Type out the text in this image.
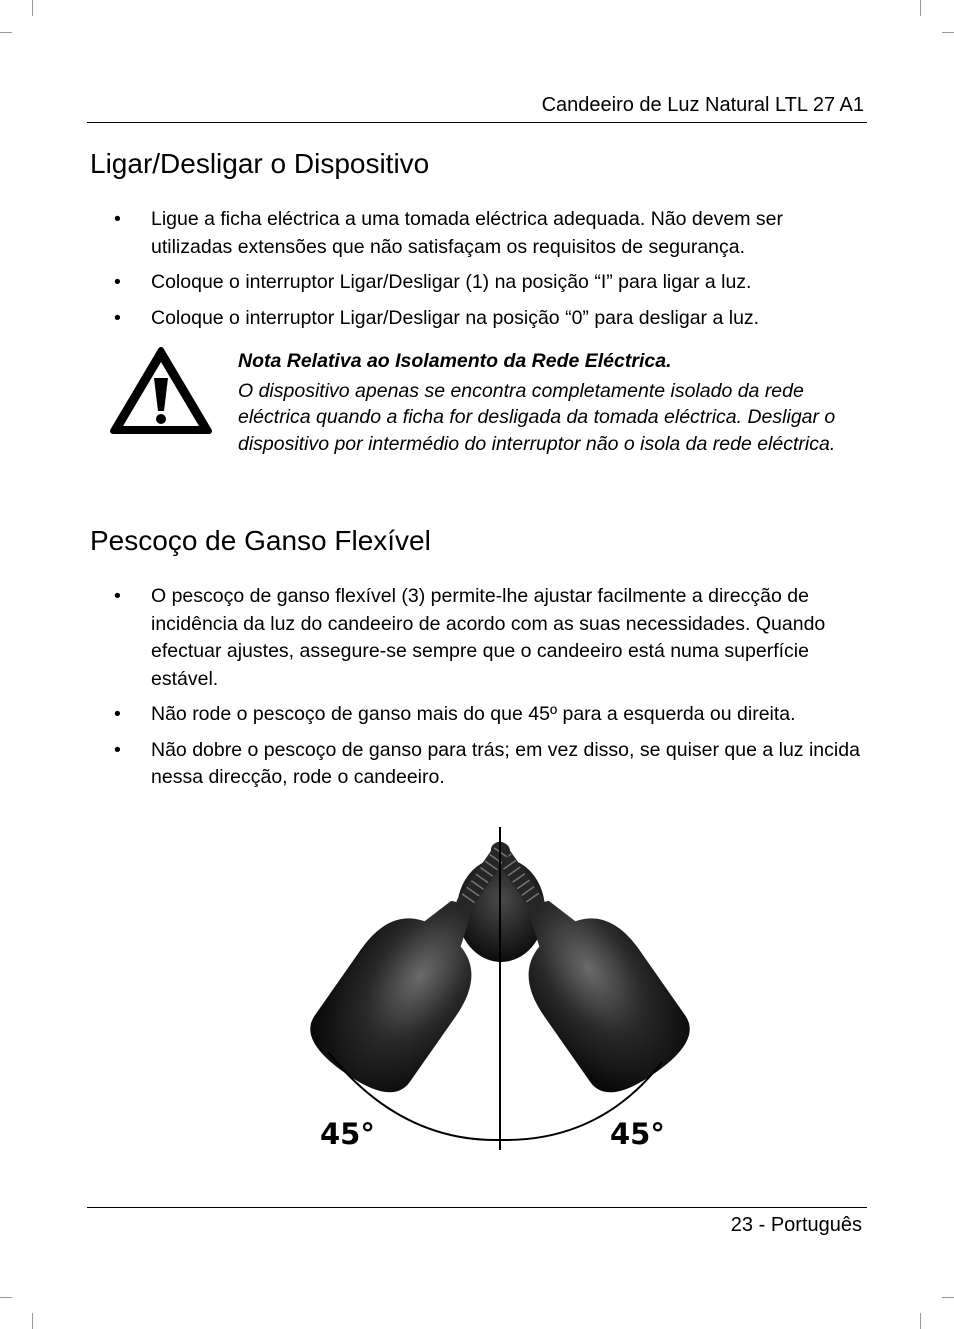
Candeeiro de Luz Natural LTL 27 A1
Ligar/Desligar o Dispositivo
• Ligue a ficha eléctrica a uma tomada eléctrica adequada. Não devem ser utilizadas extensões que não satisfaçam os requisitos de segurança.
• Coloque o interruptor Ligar/Desligar (1) na posição “I” para ligar a luz.
• Coloque o interruptor Ligar/Desligar na posição “0” para desligar a luz.
Nota Relativa ao Isolamento da Rede Eléctrica.
O dispositivo apenas se encontra completamente isolado da rede eléctrica quando a ficha for desligada da tomada eléctrica. Desligar o dispositivo por intermédio do interruptor não o isola da rede eléctrica.
Pescoço de Ganso Flexível
• O pescoço de ganso flexível (3) permite-lhe ajustar facilmente a direcção de incidência da luz do candeeiro de acordo com as suas necessidades. Quando efectuar ajustes, assegure-se sempre que o candeeiro está numa superfície estável.
• Não rode o pescoço de ganso mais do que 45º para a esquerda ou direita.
• Não dobre o pescoço de ganso para trás; em vez disso, se quiser que a luz incida nessa direcção, rode o candeeiro.
45°	45°
23 - Português
